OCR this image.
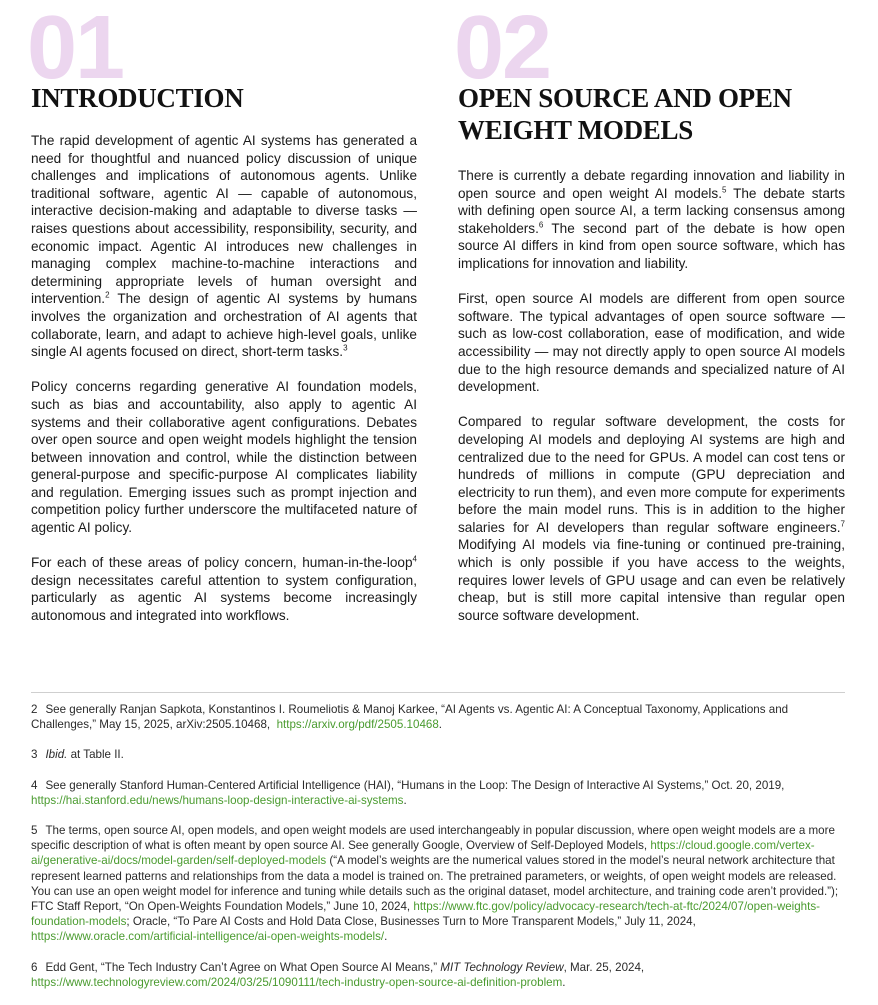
01
INTRODUCTION

The rapid development of agentic AI systems has generated a need for thoughtful and nuanced policy discussion of unique challenges and implications of autonomous agents. Unlike traditional software, agentic AI — capable of autonomous, interactive decision-making and adaptable to diverse tasks — raises questions about accessibility, responsibility, security, and economic impact. Agentic AI introduces new challenges in managing complex machine-to-machine interactions and determining appropriate levels of human oversight and intervention.$^2$ The design of agentic AI systems by humans involves the organization and orchestration of AI agents that collaborate, learn, and adapt to achieve high-level goals, unlike single AI agents focused on direct, short-term tasks.$^3$

Policy concerns regarding generative AI foundation models, such as bias and accountability, also apply to agentic AI systems and their collaborative agent configurations. Debates over open source and open weight models highlight the tension between innovation and control, while the distinction between general-purpose and specific-purpose AI complicates liability and regulation. Emerging issues such as prompt injection and competition policy further underscore the multifaceted nature of agentic AI policy.

For each of these areas of policy concern, human-in-the-loop$^4$ design necessitates careful attention to system configuration, particularly as agentic AI systems become increasingly autonomous and integrated into workflows.

02
OPEN SOURCE AND OPEN WEIGHT MODELS

There is currently a debate regarding innovation and liability in open source and open weight AI models.$^5$ The debate starts with defining open source AI, a term lacking consensus among stakeholders.$^6$ The second part of the debate is how open source AI differs in kind from open source software, which has implications for innovation and liability.

First, open source AI models are different from open source software. The typical advantages of open source software — such as low-cost collaboration, ease of modification, and wide accessibility — may not directly apply to open source AI models due to the high resource demands and specialized nature of AI development.

Compared to regular software development, the costs for developing AI models and deploying AI systems are high and centralized due to the need for GPUs. A model can cost tens or hundreds of millions in compute (GPU depreciation and electricity to run them), and even more compute for experiments before the main model runs. This is in addition to the higher salaries for AI developers than regular software engineers.$^7$ Modifying AI models via fine-tuning or continued pre-training, which is only possible if you have access to the weights, requires lower levels of GPU usage and can even be relatively cheap, but is still more capital intensive than regular open source software development.

2 See generally Ranjan Sapkota, Konstantinos I. Roumeliotis & Manoj Karkee, “AI Agents vs. Agentic AI: A Conceptual Taxonomy, Applications and Challenges,” May 15, 2025, arXiv:2505.10468, https://arxiv.org/pdf/2505.10468.
3 Ibid. at Table II.
4 See generally Stanford Human-Centered Artificial Intelligence (HAI), “Humans in the Loop: The Design of Interactive AI Systems,” Oct. 20, 2019, https://hai.stanford.edu/news/humans-loop-design-interactive-ai-systems.
5 The terms, open source AI, open models, and open weight models are used interchangeably in popular discussion, where open weight models are a more specific description of what is often meant by open source AI. See generally Google, Overview of Self-Deployed Models, https://cloud.google.com/vertex-ai/generative-ai/docs/model-garden/self-deployed-models (“A model’s weights are the numerical values stored in the model’s neural network architecture that represent learned patterns and relationships from the data a model is trained on. The pretrained parameters, or weights, of open weight models are released. You can use an open weight model for inference and tuning while details such as the original dataset, model architecture, and training code aren’t provided.”); FTC Staff Report, “On Open-Weights Foundation Models,” June 10, 2024, https://www.ftc.gov/policy/advocacy-research/tech-at-ftc/2024/07/open-weights-foundation-models; Oracle, “To Pare AI Costs and Hold Data Close, Businesses Turn to More Transparent Models,” July 11, 2024, https://www.oracle.com/artificial-intelligence/ai-open-weights-models/.
6 Edd Gent, “The Tech Industry Can’t Agree on What Open Source AI Means,” MIT Technology Review, Mar. 25, 2024, https://www.technologyreview.com/2024/03/25/1090111/tech-industry-open-source-ai-definition-problem.
